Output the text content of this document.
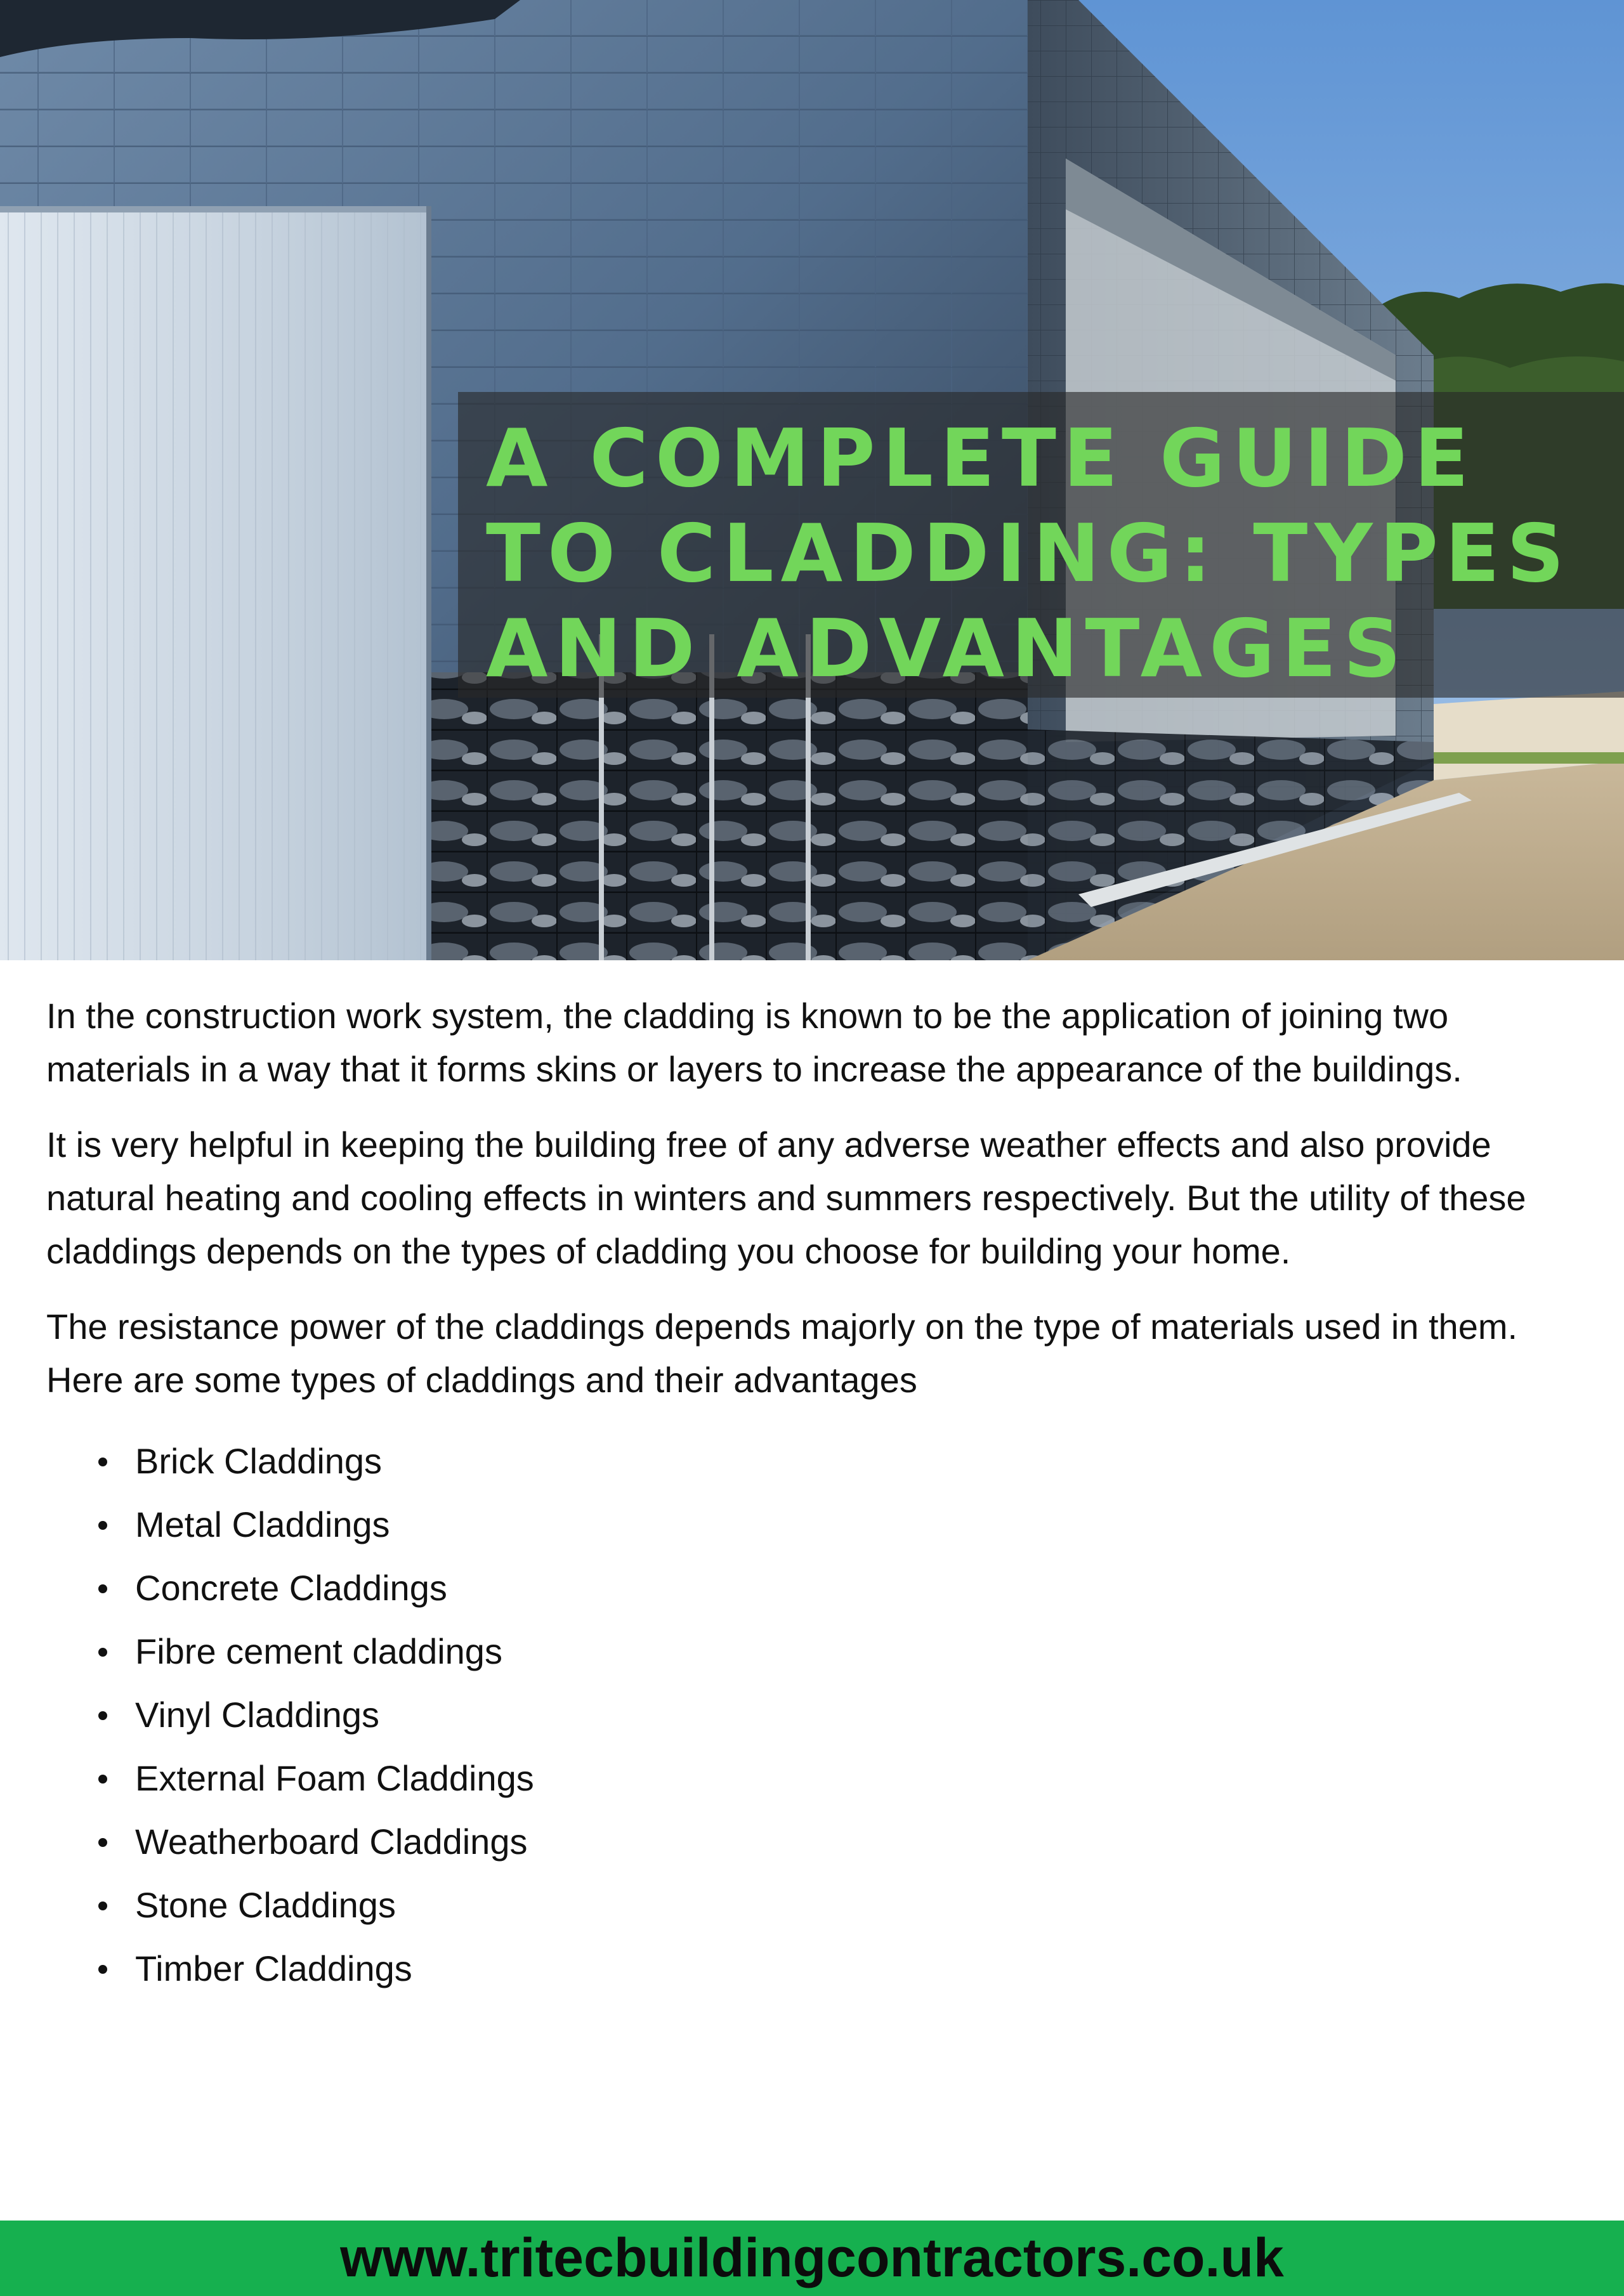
A COMPLETE GUIDE TO CLADDING: TYPES AND ADVANTAGES

In the construction work system, the cladding is known to be the application of joining two materials in a way that it forms skins or layers to increase the appearance of the buildings.

It is very helpful in keeping the building free of any adverse weather effects and also provide natural heating and cooling effects in winters and summers respectively. But the utility of these claddings depends on the types of cladding you choose for building your home.

The resistance power of the claddings depends majorly on the type of materials used in them. Here are some types of claddings and their advantages

Brick Claddings
Metal Claddings
Concrete Claddings
Fibre cement claddings
Vinyl Claddings
External Foam Claddings
Weatherboard Claddings
Stone Claddings
Timber Claddings
www.tritecbuildingcontractors.co.uk
